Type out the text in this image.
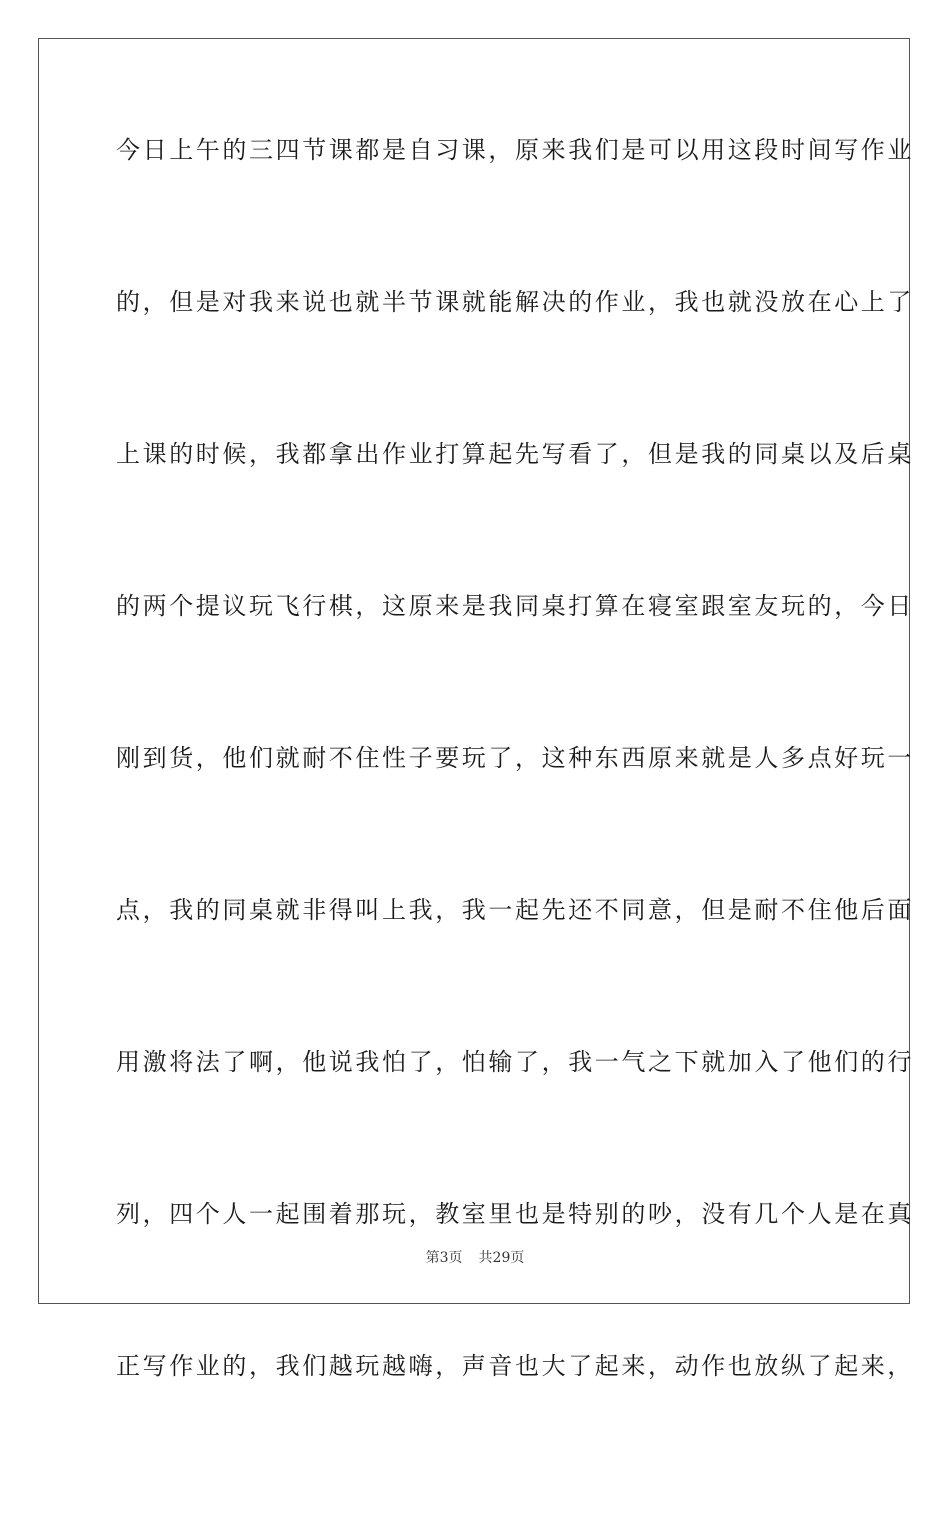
今日上午的三四节课都是自习课，原来我们是可以用这段时间写作业

的，但是对我来说也就半节课就能解决的作业，我也就没放在心上了

上课的时候，我都拿出作业打算起先写看了，但是我的同桌以及后桌

的两个提议玩飞行棋，这原来是我同桌打算在寝室跟室友玩的，今日

刚到货，他们就耐不住性子要玩了，这种东西原来就是人多点好玩一

点，我的同桌就非得叫上我，我一起先还不同意，但是耐不住他后面

用激将法了啊，他说我怕了，怕输了，我一气之下就加入了他们的行

列，四个人一起围着那玩，教室里也是特别的吵，没有几个人是在真

正写作业的，我们越玩越嗨，声音也大了起来，动作也放纵了起来，

第3页 共29页
